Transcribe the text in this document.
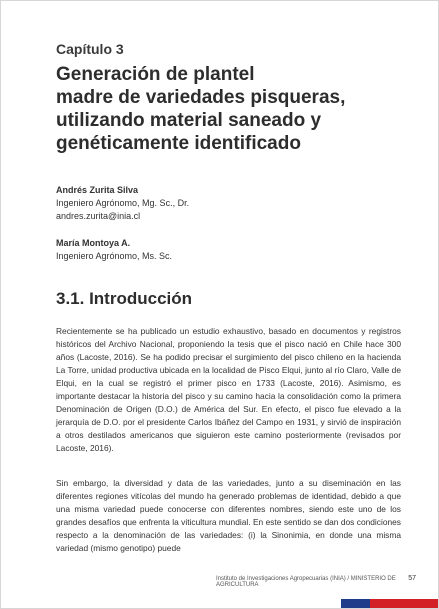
Capítulo 3
Generación de plantel
madre de variedades pisqueras,
utilizando material saneado y
genéticamente identificado
Andrés Zurita Silva
Ingeniero Agrónomo, Mg. Sc., Dr.
andres.zurita@inia.cl
María Montoya A.
Ingeniero Agrónomo, Ms. Sc.
3.1. Introducción
Recientemente se ha publicado un estudio exhaustivo, basado en documentos y registros históricos del Archivo Nacional, proponiendo la tesis que el pisco nació en Chile hace 300 años (Lacoste, 2016). Se ha podido precisar el surgimiento del pisco chileno en la hacienda La Torre, unidad productiva ubicada en la localidad de Pisco Elqui, junto al río Claro, Valle de Elqui, en la cual se registró el primer pisco en 1733 (Lacoste, 2016). Asimismo, es importante destacar la historia del pisco y su camino hacia la consolidación como la primera Denominación de Origen (D.O.) de América del Sur. En efecto, el pisco fue elevado a la jerarquía de D.O. por el presidente Carlos Ibáñez del Campo en 1931, y sirvió de inspiración a otros destilados americanos que siguieron este camino posteriormente (revisados por Lacoste, 2016).
Sin embargo, la diversidad y data de las variedades, junto a su diseminación en las diferentes regiones vitícolas del mundo ha generado problemas de identidad, debido a que una misma variedad puede conocerse con diferentes nombres, siendo este uno de los grandes desafíos que enfrenta la viticultura mundial. En este sentido se dan dos condiciones respecto a la denominación de las variedades: (i) la Sinonimia, en donde una misma variedad (mismo genotipo) puede
Instituto de Investigaciones Agropecuarias (INIA) / MINISTERIO DE AGRICULTURA
57
